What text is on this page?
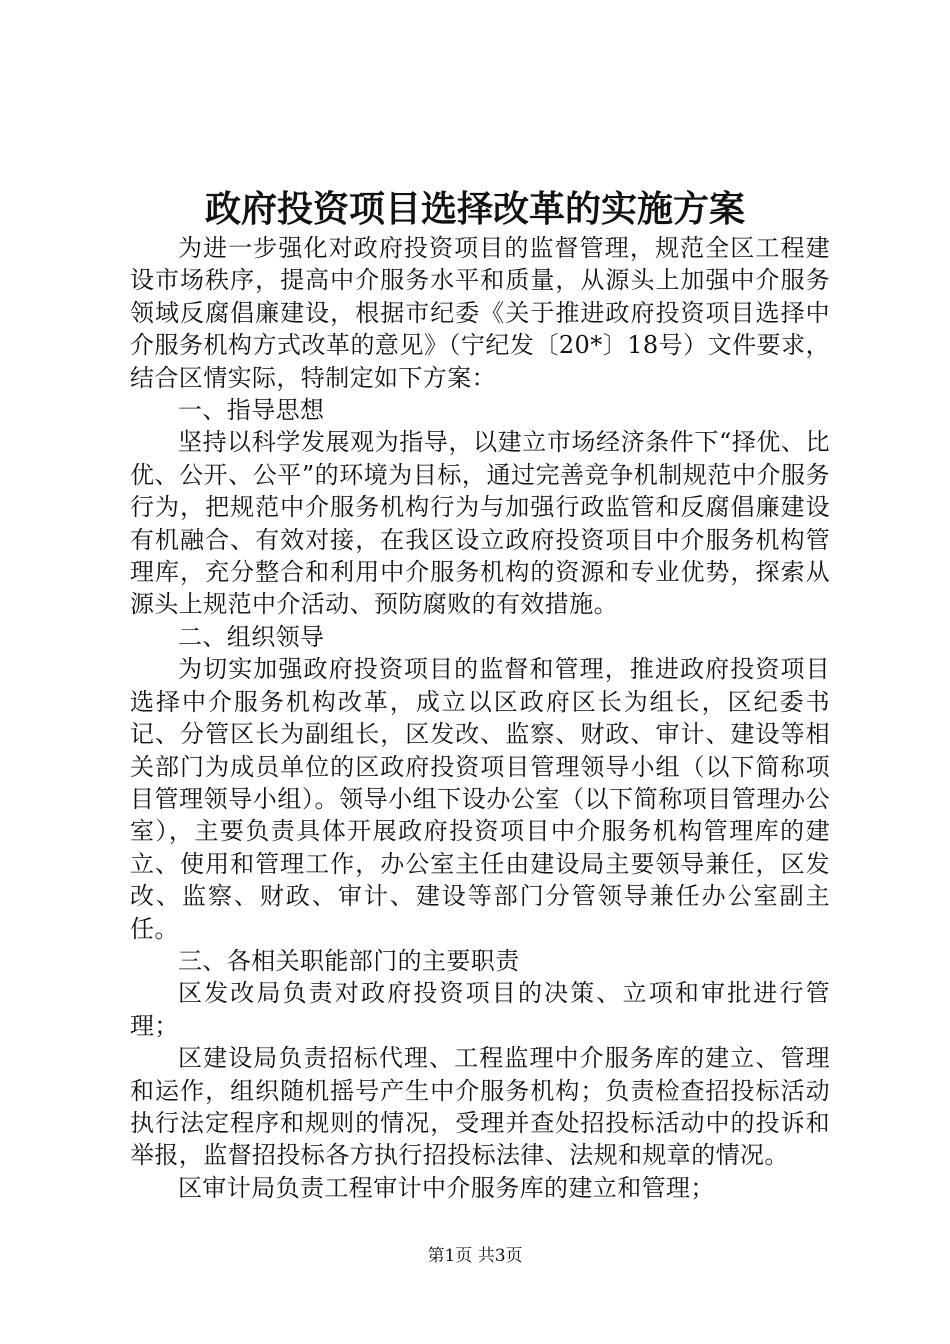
政府投资项目选择改革的实施方案

为进一步强化对政府投资项目的监督管理，规范全区工程建设市场秩序，提高中介服务水平和质量，从源头上加强中介服务领域反腐倡廉建设，根据市纪委《关于推进政府投资项目选择中介服务机构方式改革的意见》（宁纪发〔20*〕18号）文件要求，结合区情实际，特制定如下方案：

一、指导思想

坚持以科学发展观为指导，以建立市场经济条件下“择优、比优、公开、公平”的环境为目标，通过完善竞争机制规范中介服务行为，把规范中介服务机构行为与加强行政监管和反腐倡廉建设有机融合、有效对接，在我区设立政府投资项目中介服务机构管理库，充分整合和利用中介服务机构的资源和专业优势，探索从源头上规范中介活动、预防腐败的有效措施。

二、组织领导

为切实加强政府投资项目的监督和管理，推进政府投资项目选择中介服务机构改革，成立以区政府区长为组长，区纪委书记、分管区长为副组长，区发改、监察、财政、审计、建设等相关部门为成员单位的区政府投资项目管理领导小组（以下简称项目管理领导小组）。领导小组下设办公室（以下简称项目管理办公室），主要负责具体开展政府投资项目中介服务机构管理库的建立、使用和管理工作，办公室主任由建设局主要领导兼任，区发改、监察、财政、审计、建设等部门分管领导兼任办公室副主任。

三、各相关职能部门的主要职责

区发改局负责对政府投资项目的决策、立项和审批进行管理；

区建设局负责招标代理、工程监理中介服务库的建立、管理和运作，组织随机摇号产生中介服务机构；负责检查招投标活动执行法定程序和规则的情况，受理并查处招投标活动中的投诉和举报，监督招投标各方执行招投标法律、法规和规章的情况。

区审计局负责工程审计中介服务库的建立和管理；

第1页 共3页
